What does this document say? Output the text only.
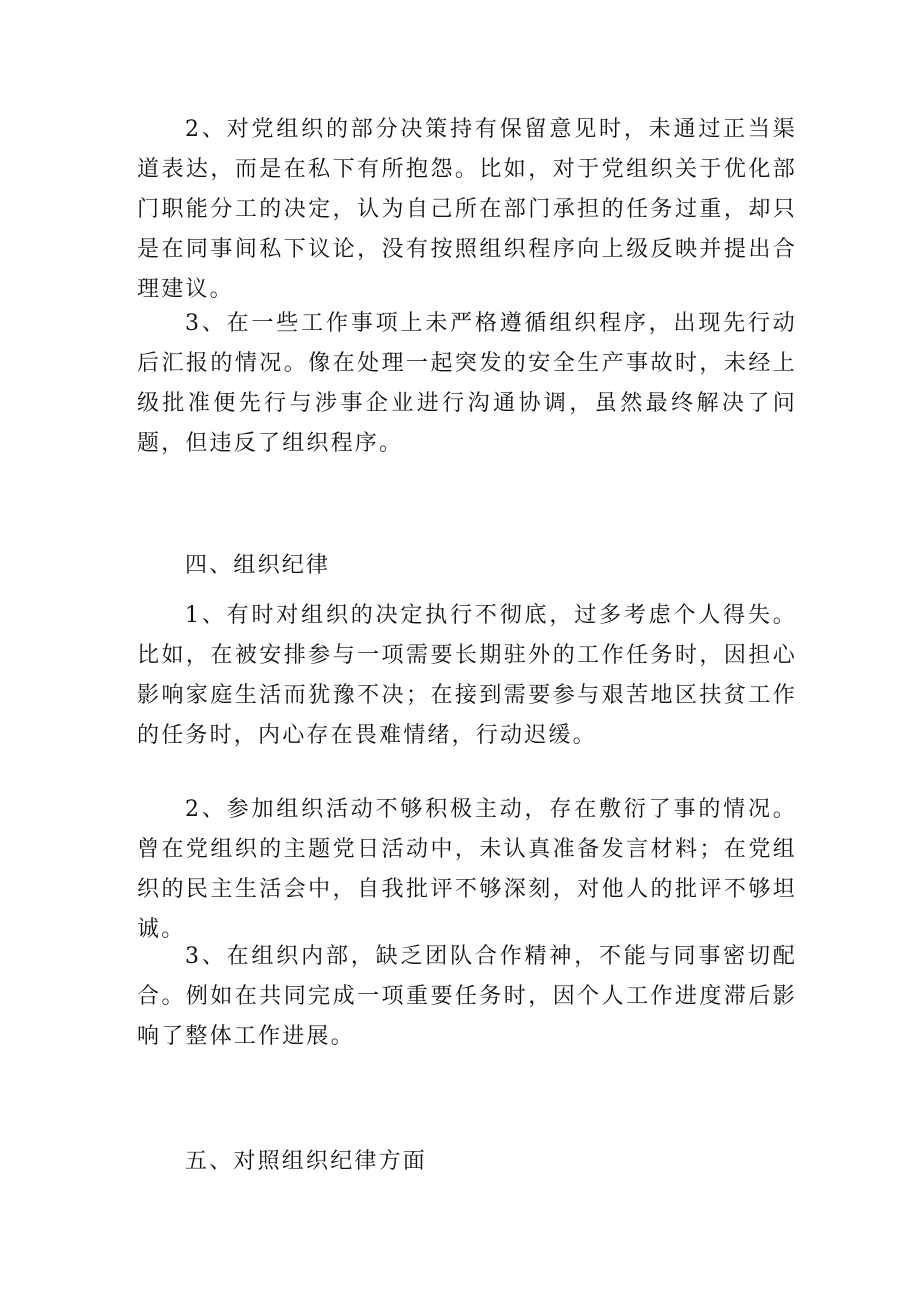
2、对党组织的部分决策持有保留意见时，未通过正当渠道表达，而是在私下有所抱怨。比如，对于党组织关于优化部门职能分工的决定，认为自己所在部门承担的任务过重，却只是在同事间私下议论，没有按照组织程序向上级反映并提出合理建议。

3、在一些工作事项上未严格遵循组织程序，出现先行动后汇报的情况。像在处理一起突发的安全生产事故时，未经上级批准便先行与涉事企业进行沟通协调，虽然最终解决了问题，但违反了组织程序。

四、组织纪律

1、有时对组织的决定执行不彻底，过多考虑个人得失。比如，在被安排参与一项需要长期驻外的工作任务时，因担心影响家庭生活而犹豫不决；在接到需要参与艰苦地区扶贫工作的任务时，内心存在畏难情绪，行动迟缓。

2、参加组织活动不够积极主动，存在敷衍了事的情况。曾在党组织的主题党日活动中，未认真准备发言材料；在党组织的民主生活会中，自我批评不够深刻，对他人的批评不够坦诚。

3、在组织内部，缺乏团队合作精神，不能与同事密切配合。例如在共同完成一项重要任务时，因个人工作进度滞后影响了整体工作进展。

五、对照组织纪律方面
